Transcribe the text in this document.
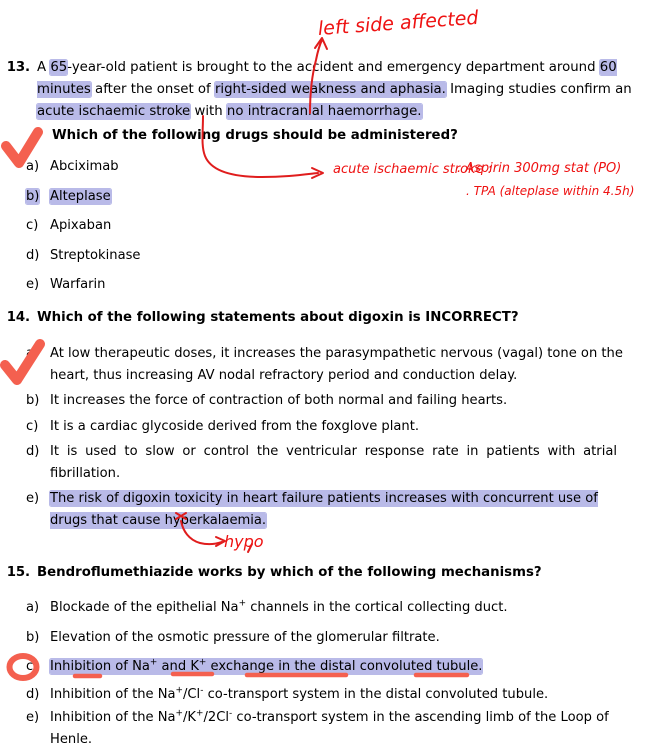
13. A 65-year-old patient is brought to the accident and emergency department around 60 minutes after the onset of right-sided weakness and aphasia. Imaging studies confirm an acute ischaemic stroke with no intracranial haemorrhage.
Which of the following drugs should be administered?
a) Abciximab
b) Alteplase
c) Apixaban
d) Streptokinase
e) Warfarin
14. Which of the following statements about digoxin is INCORRECT?
a) At low therapeutic doses, it increases the parasympathetic nervous (vagal) tone on the heart, thus increasing AV nodal refractory period and conduction delay.
b) It increases the force of contraction of both normal and failing hearts.
c) It is a cardiac glycoside derived from the foxglove plant.
d) It is used to slow or control the ventricular response rate in patients with atrial fibrillation.
e) The risk of digoxin toxicity in heart failure patients increases with concurrent use of drugs that cause hyperkalaemia.
15. Bendroflumethiazide works by which of the following mechanisms?
a) Blockade of the epithelial Na+ channels in the cortical collecting duct.
b) Elevation of the osmotic pressure of the glomerular filtrate.
c) Inhibition of Na+ and K+ exchange in the distal convoluted tubule.
d) Inhibition of the Na+/Cl- co-transport system in the distal convoluted tubule.
e) Inhibition of the Na+/K+/2Cl- co-transport system in the ascending limb of the Loop of Henle.
left side affected
acute ischaemic stroke :
. Aspirin 300mg stat (PO)
. TPA (alteplase within 4.5h)
hypo
